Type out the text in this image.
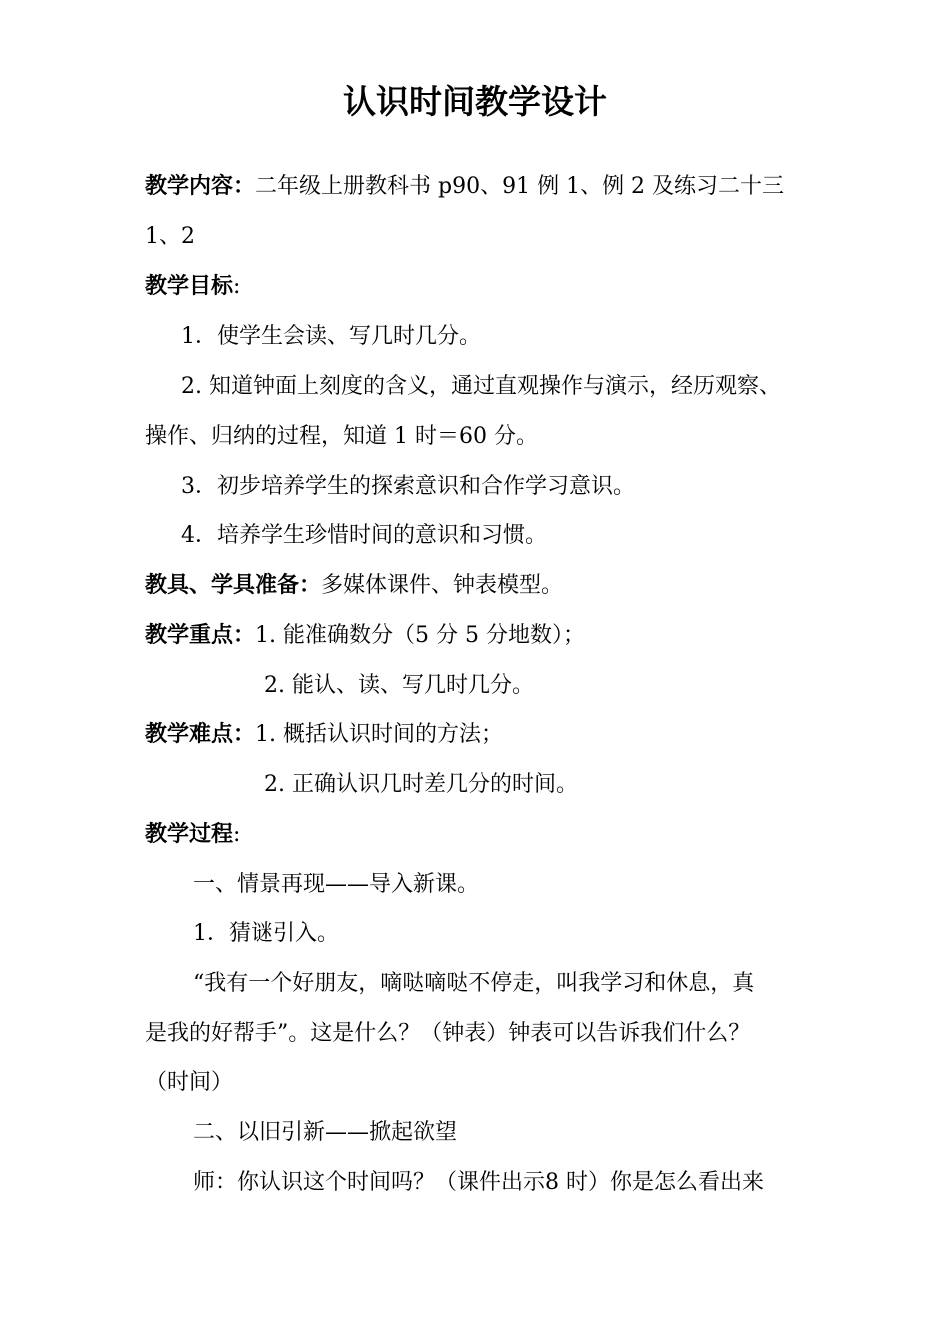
认识时间教学设计
教学内容：二年级上册教科书 p90、91 例 1、例 2 及练习二十三
1、2
教学目标:
1．使学生会读、写几时几分。
2. 知道钟面上刻度的含义，通过直观操作与演示，经历观察、
操作、归纳的过程，知道 1 时＝60 分。
3．初步培养学生的探索意识和合作学习意识。
4．培养学生珍惜时间的意识和习惯。
教具、学具准备：多媒体课件、钟表模型。
教学重点：1. 能准确数分（5 分 5 分地数）；
2. 能认、读、写几时几分。
教学难点：1. 概括认识时间的方法；
2. 正确认识几时差几分的时间。
教学过程:
一、情景再现——导入新课。
1．猜谜引入。
“我有一个好朋友，嘀哒嘀哒不停走，叫我学习和休息，真
是我的好帮手”。这是什么？（钟表）钟表可以告诉我们什么？
（时间）
二、以旧引新——掀起欲望
师：你认识这个时间吗？（课件出示8 时）你是怎么看出来
